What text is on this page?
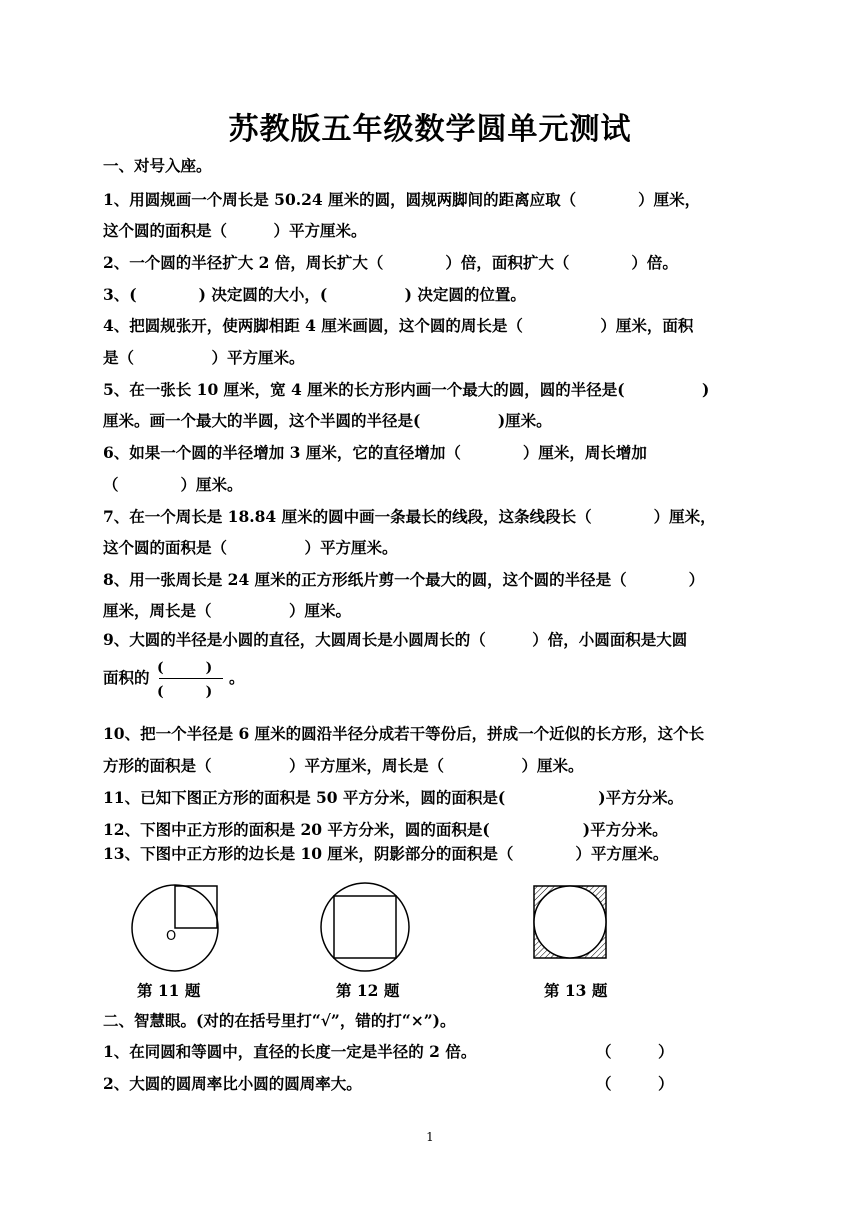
苏教版五年级数学圆单元测试
一、对号入座。
1、用圆规画一个周长是 50.24 厘米的圆，圆规两脚间的距离应取（　　　　）厘米，
这个圆的面积是（　　　）平方厘米。
2、一个圆的半径扩大 2 倍，周长扩大（　　　　）倍，面积扩大（　　　　）倍。
3、(　　　　) 决定圆的大小，(　　　　　) 决定圆的位置。
4、把圆规张开，使两脚相距 4 厘米画圆，这个圆的周长是（　　　　　）厘米，面积
是（　　　　　）平方厘米。
5、在一张长 10 厘米，宽 4 厘米的长方形内画一个最大的圆，圆的半径是(　　　　　)
厘米。画一个最大的半圆，这个半圆的半径是(　　　　　)厘米。
6、如果一个圆的半径增加 3 厘米，它的直径增加（　　　　）厘米，周长增加
（　　　　）厘米。
7、在一个周长是 18.84 厘米的圆中画一条最长的线段，这条线段长（　　　　）厘米，
这个圆的面积是（　　　　　）平方厘米。
8、用一张周长是 24 厘米的正方形纸片剪一个最大的圆，这个圆的半径是（　　　　）
厘米，周长是（　　　　　）厘米。
9、大圆的半径是小圆的直径，大圆周长是小圆周长的（　　　）倍，小圆面积是大圆
面积的 (　　　)
(　　　)
。
10、把一个半径是 6 厘米的圆沿半径分成若干等份后，拼成一个近似的长方形，这个长
方形的面积是（　　　　　）平方厘米，周长是（　　　　　）厘米。
11、已知下图正方形的面积是 50 平方分米，圆的面积是(　　　　　　)平方分米。
12、下图中正方形的面积是 20 平方分米，圆的面积是(　　　　　　)平方分米。
13、下图中正方形的边长是 10 厘米，阴影部分的面积是（　　　　）平方厘米。
O
第 11 题	第 12 题	第 13 题
二、智慧眼。(对的在括号里打“√”，错的打“×”)。
1、在同圆和等圆中，直径的长度一定是半径的 2 倍。	（　　　）
2、大圆的圆周率比小圆的圆周率大。	（　　　）
1
